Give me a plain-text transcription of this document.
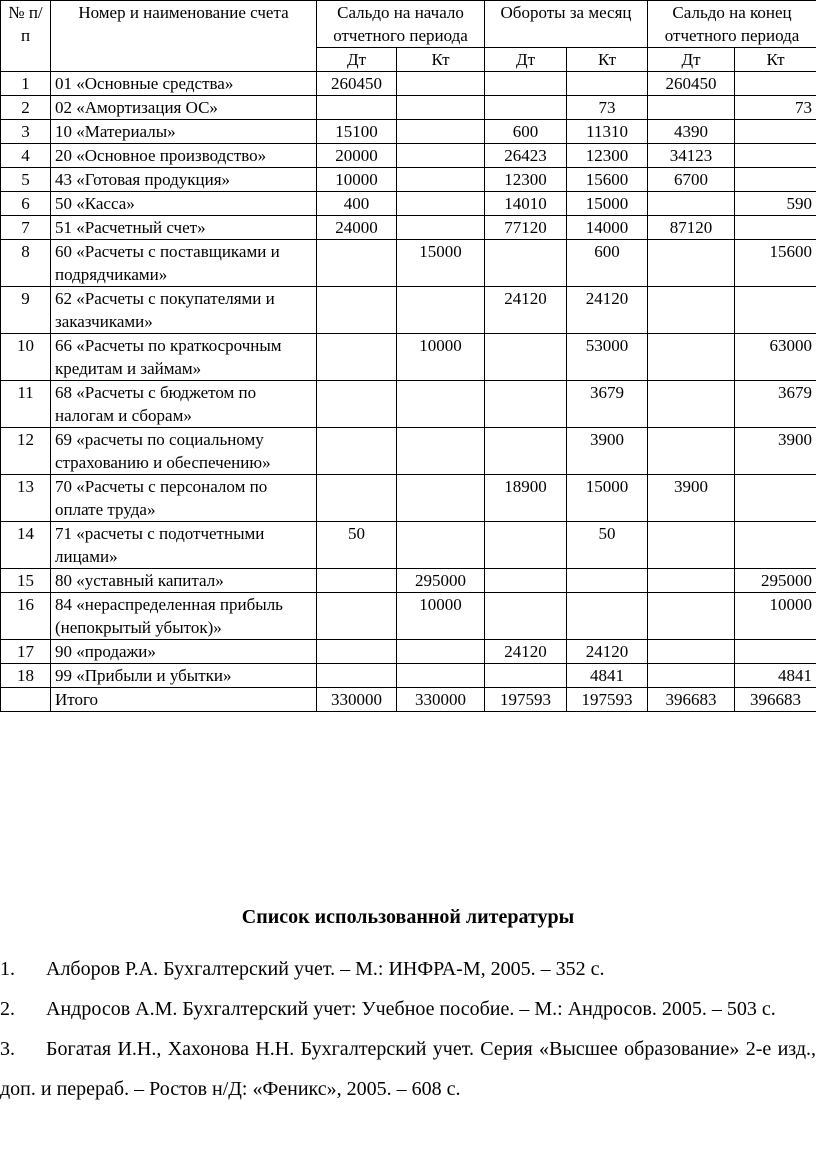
№ п/п	Номер и наименование счета	Сальдо на начало отчетного периода		Обороты за месяц		Сальдо на конец отчетного периода	
		Дт	Кт	Дт	Кт	Дт	Кт
1	01 «Основные средства»	260450				260450	
2	02 «Амортизация ОС»				73		73
3	10 «Материалы»	15100		600	11310	4390	
4	20 «Основное производство»	20000		26423	12300	34123	
5	43 «Готовая продукция»	10000		12300	15600	6700	
6	50 «Касса»	400		14010	15000		590
7	51 «Расчетный счет»	24000		77120	14000	87120	
8	60 «Расчеты с поставщиками и подрядчиками»		15000		600		15600
9	62 «Расчеты с покупателями и заказчиками»			24120	24120		
10	66 «Расчеты по краткосрочным кредитам и займам»		10000		53000		63000
11	68 «Расчеты с бюджетом по налогам и сборам»				3679		3679
12	69 «расчеты по социальному страхованию и обеспечению»				3900		3900
13	70 «Расчеты с персоналом по оплате труда»			18900	15000	3900	
14	71 «расчеты с подотчетными лицами»	50			50		
15	80 «уставный капитал»		295000				295000
16	84 «нераспределенная прибыль (непокрытый убыток)»		10000				10000
17	90 «продажи»			24120	24120		
18	99 «Прибыли и убытки»				4841		4841
	Итого	330000	330000	197593	197593	396683	396683
Список использованной литературы
1. Алборов Р.А. Бухгалтерский учет. – М.: ИНФРА-М, 2005. – 352 с.
2. Андросов А.М. Бухгалтерский учет: Учебное пособие. – М.: Андросов. 2005. – 503 с.
3. Богатая И.Н., Хахонова Н.Н. Бухгалтерский учет. Серия «Высшее образование» 2-е изд., доп. и перераб. – Ростов н/Д: «Феникс», 2005. – 608 с.
